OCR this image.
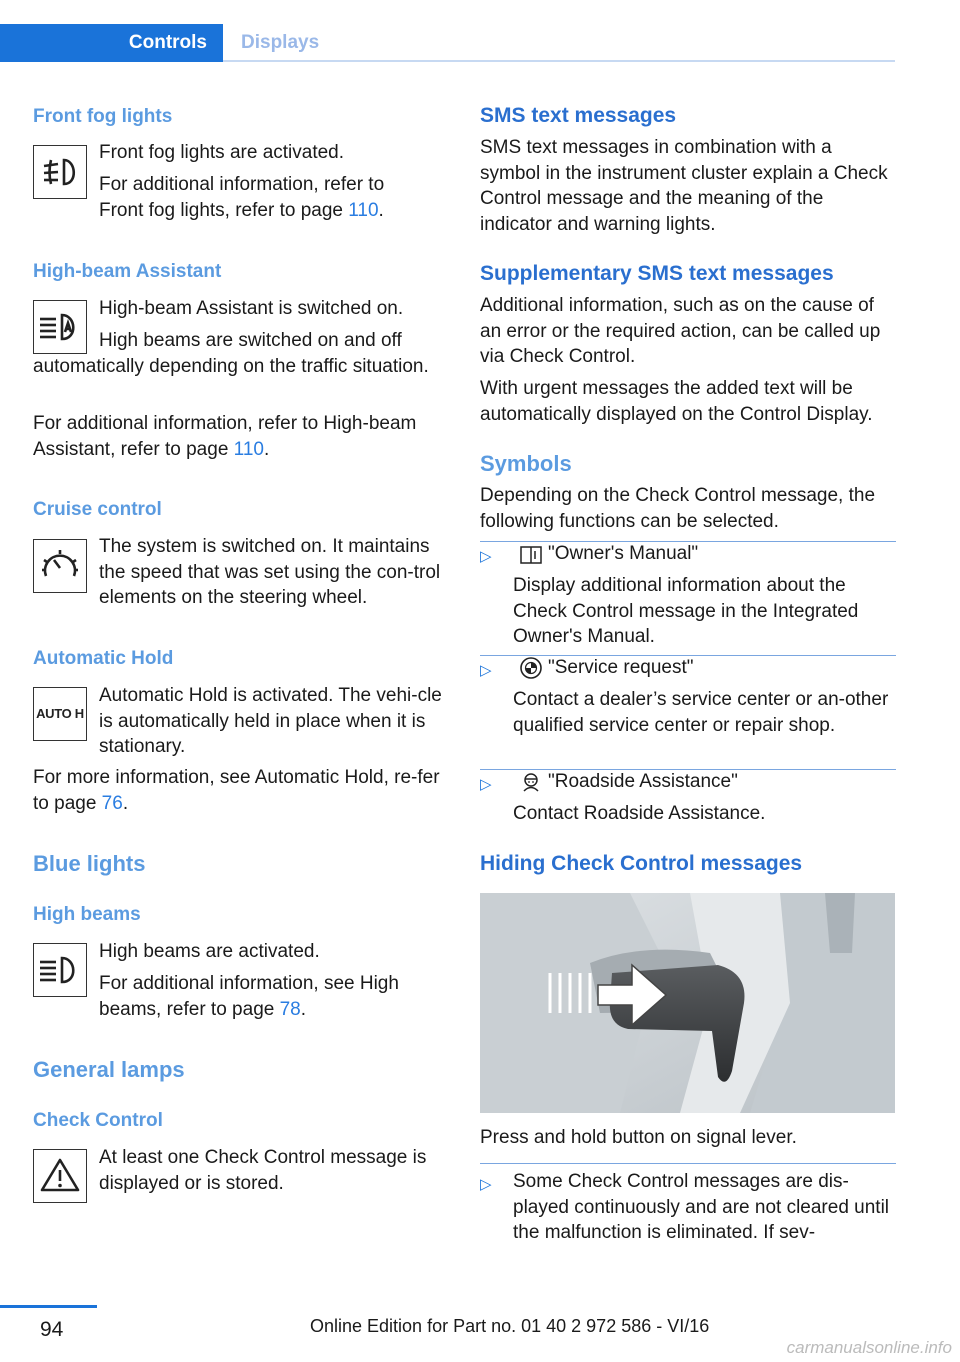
Controls	Displays
Front fog lights
Front fog lights are activated.
For additional information, refer to Front fog lights, refer to page 110.
High-beam Assistant
High-beam Assistant is switched on.
High beams are switched on and off automatically depending on the traffic situation.
For additional information, refer to High-beam Assistant, refer to page 110.
Cruise control
The system is switched on. It maintains the speed that was set using the con-trol elements on the steering wheel.
Automatic Hold
AUTO H
Automatic Hold is activated. The vehi-cle is automatically held in place when it is stationary.
For more information, see Automatic Hold, re-fer to page 76.
Blue lights
High beams
High beams are activated.
For additional information, see High beams, refer to page 78.
General lamps
Check Control
At least one Check Control message is displayed or is stored.
SMS text messages
SMS text messages in combination with a symbol in the instrument cluster explain a Check Control message and the meaning of the indicator and warning lights.
Supplementary SMS text messages
Additional information, such as on the cause of an error or the required action, can be called up via Check Control.
With urgent messages the added text will be automatically displayed on the Control Display.
Symbols
Depending on the Check Control message, the following functions can be selected.
▷	"Owner's Manual"
Display additional information about the Check Control message in the Integrated Owner's Manual.
▷	"Service request"
Contact a dealer’s service center or an-other qualified service center or repair shop.
▷	"Roadside Assistance"
Contact Roadside Assistance.
Hiding Check Control messages
Press and hold button on signal lever.
▷ Some Check Control messages are dis-played continuously and are not cleared until the malfunction is eliminated. If sev-
94	Online Edition for Part no. 01 40 2 972 586 - VI/16
carmanualsonline.info
